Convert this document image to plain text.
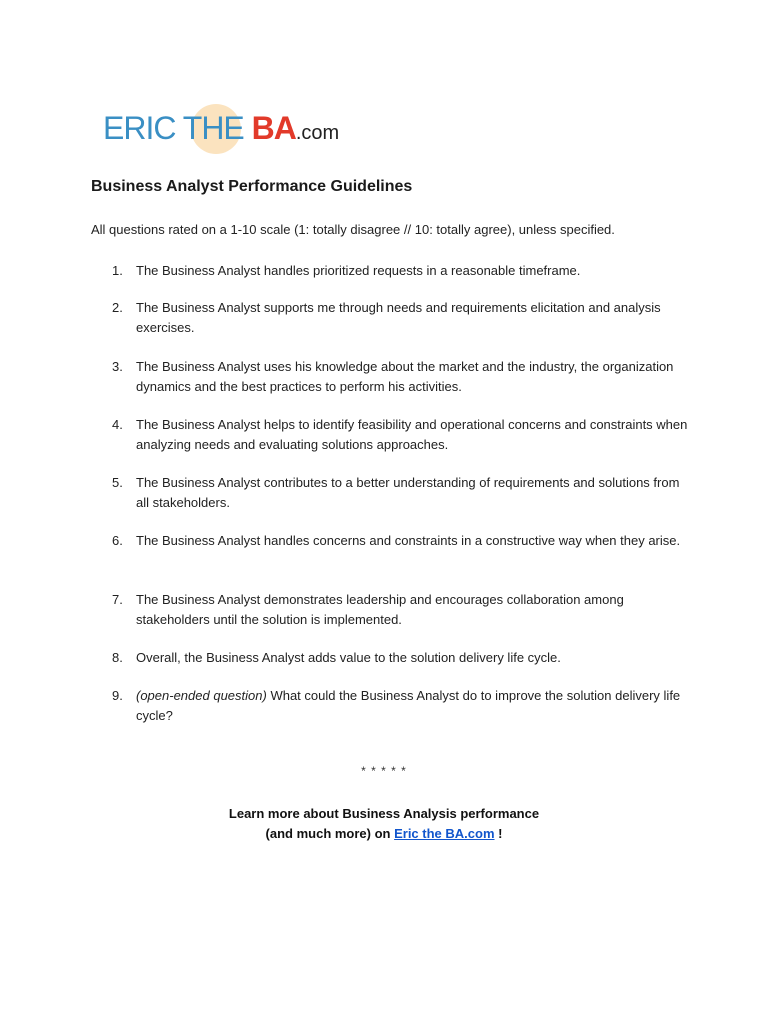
ERIC THE BA.com
Business Analyst Performance Guidelines
All questions rated on a 1-10 scale (1: totally disagree // 10: totally agree), unless specified.
1.	The Business Analyst handles prioritized requests in a reasonable timeframe.
2.	The Business Analyst supports me through needs and requirements elicitation and analysis exercises.
3.	The Business Analyst uses his knowledge about the market and the industry, the organization dynamics and the best practices to perform his activities.
4.	The Business Analyst helps to identify feasibility and operational concerns and constraints when analyzing needs and evaluating solutions approaches.
5.	The Business Analyst contributes to a better understanding of requirements and solutions from all stakeholders.
6.	The Business Analyst handles concerns and constraints in a constructive way when they arise.
7.	The Business Analyst demonstrates leadership and encourages collaboration among stakeholders until the solution is implemented.
8.	Overall, the Business Analyst adds value to the solution delivery life cycle.
9.	(open-ended question) What could the Business Analyst do to improve the solution delivery life cycle?
* * * * *
Learn more about Business Analysis performance
(and much more) on Eric the BA.com !
